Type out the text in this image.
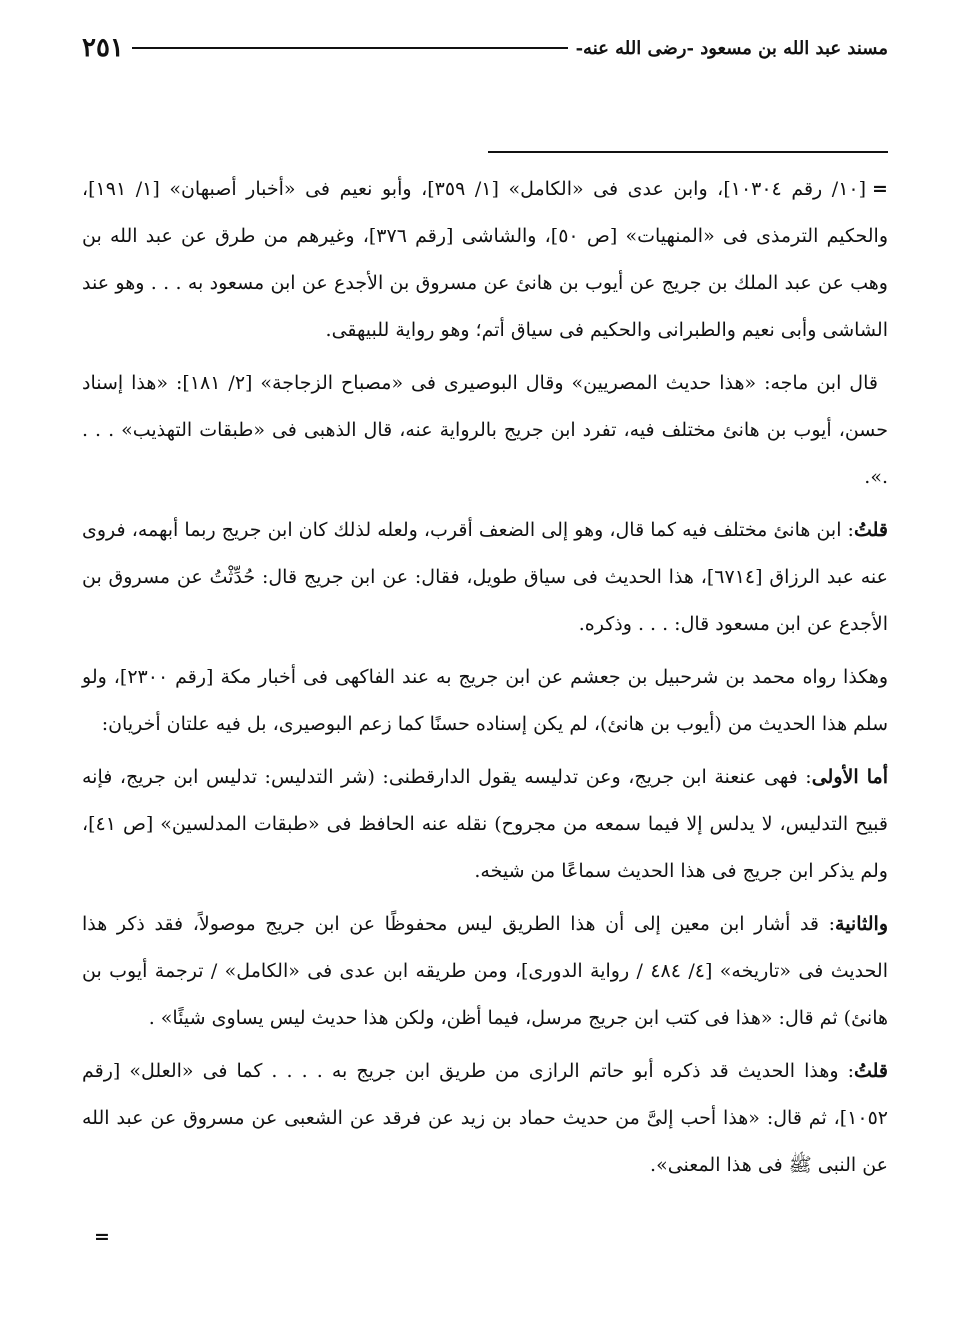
مسند عبد الله بن مسعود -رضى الله عنه-
٢٥١

=[١٠/ رقم ١٠٣٠٤]، وابن عدى فى «الكامل» [١/ ٣٥٩]، وأبو نعيم فى «أخبار أصبهان» [١/ ١٩١]، والحكيم الترمذى فى «المنهيات» [ص ٥٠]، والشاشى [رقم ٣٧٦]، وغيرهم من طرق عن عبد الله بن وهب عن عبد الملك بن جريج عن أيوب بن هانئ عن مسروق بن الأجدع عن ابن مسعود به . . . وهو عند الشاشى وأبى نعيم والطبرانى والحكيم فى سياق أتم؛ وهو رواية للبيهقى.

قال ابن ماجه: «هذا حديث المصريين» وقال البوصيرى فى «مصباح الزجاجة» [٢/ ١٨١]: «هذا إسناد حسن، أيوب بن هانئ مختلف فيه، تفرد ابن جريج بالرواية عنه، قال الذهبى فى «طبقات التهذيب» . . . .».

قلتُ: ابن هانئ مختلف فيه كما قال، وهو إلى الضعف أقرب، ولعله لذلك كان ابن جريج ربما أبهمه، فروى عنه عبد الرزاق [٦٧١٤]، هذا الحديث فى سياق طويل، فقال: عن ابن جريج قال: حُدِّثْتُ عن مسروق بن الأجدع عن ابن مسعود قال: . . . وذكره.

وهكذا رواه محمد بن شرحبيل بن جعشم عن ابن جريج به عند الفاكهى فى أخبار مكة [رقم ٢٣٠٠]، ولو سلم هذا الحديث من (أيوب بن هانئ)، لم يكن إسناده حسنًا كما زعم البوصيرى، بل فيه علتان أخريان:

أما الأولى: فهى عنعنة ابن جريج، وعن تدليسه يقول الدارقطنى: (شر التدليس: تدليس ابن جريج، فإنه قبيح التدليس، لا يدلس إلا فيما سمعه من مجروح) نقله عنه الحافظ فى «طبقات المدلسين» [ص ٤١]، ولم يذكر ابن جريج فى هذا الحديث سماعًا من شيخه.

والثانية: قد أشار ابن معين إلى أن هذا الطريق ليس محفوظًا عن ابن جريج موصولاً، فقد ذكر هذا الحديث فى «تاريخه» [٤/ ٤٨٤ / رواية الدورى]، ومن طريقه ابن عدى فى «الكامل» / ترجمة أيوب بن هانئ) ثم قال: «هذا فى كتب ابن جريج مرسل، فيما أظن، ولكن هذا حديث ليس يساوى شيئًا» .

قلتُ: وهذا الحديث قد ذكره أبو حاتم الرازى من طريق ابن جريج به . . . . كما فى «العلل» [رقم ١٠٥٢]، ثم قال: «هذا أحب إلىَّ من حديث حماد بن زيد عن فرقد عن الشعبى عن مسروق عن عبد الله عن النبى ﷺ فى هذا المعنى».

=
